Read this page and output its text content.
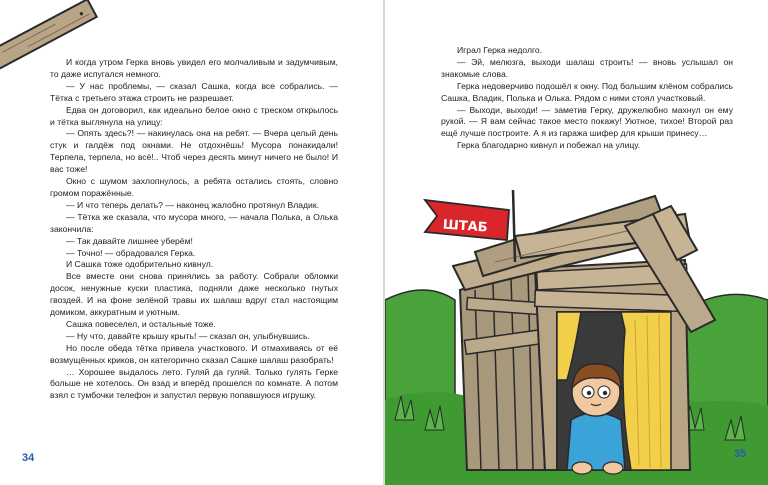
И когда утром Герка вновь увидел его молчаливым и задумчивым, то даже испугался немного.

— У нас проблемы, — сказал Сашка, когда все собрались. — Тётка с третьего этажа строить не разрешает.

Едва он договорил, как идеально белое окно с треском открылось и тётка выглянула на улицу:

— Опять здесь?! — накинулась она на ребят. — Вчера целый день стук и галдёж под окнами. Не отдохнёшь! Мусора понакидали! Терпела, терпела, но всё!.. Чтоб через десять минут ничего не было! И вас тоже!

Окно с шумом захлопнулось, а ребята остались стоять, словно громом поражённые.

— И что теперь делать? — наконец жалобно протянул Владик.

— Тётка же сказала, что мусора много, — начала Полька, а Олька закончила:

— Так давайте лишнее уберём!

— Точно! — обрадовался Герка.

И Сашка тоже одобрительно кивнул.

Все вместе они снова принялись за работу. Собрали обломки досок, ненужные куски пластика, подняли даже несколько гнутых гвоздей. И на фоне зелёной травы их шалаш вдруг стал настоящим домиком, аккуратным и уютным.

Сашка повеселел, и остальные тоже.

— Ну что, давайте крышу крыть! — сказал он, улыбнувшись.

Но после обеда тётка привела участкового. И отмахиваясь от её возмущённых криков, он категорично сказал Сашке шалаш разобрать!

… Хорошее выдалось лето. Гуляй да гуляй. Только гулять Герке больше не хотелось. Он взад и вперёд прошелся по комнате. А потом взял с тумбочки телефон и запустил первую попавшуюся игрушку.

34
ШТАБ

Играл Герка недолго.

— Эй, мелюзга, выходи шалаш строить! — вновь услышал он знакомые слова.

Герка недоверчиво подошёл к окну. Под большим клёном собрались Сашка, Владик, Полька и Олька. Рядом с ними стоял участковый.

— Выходи, выходи! — заметив Герку, дружелюбно махнул он ему рукой. — Я вам сейчас такое место покажу! Уютное, тихое! Второй раз ещё лучше построите. А я из гаража шифер для крыши принесу…

Герка благодарно кивнул и побежал на улицу.

35
